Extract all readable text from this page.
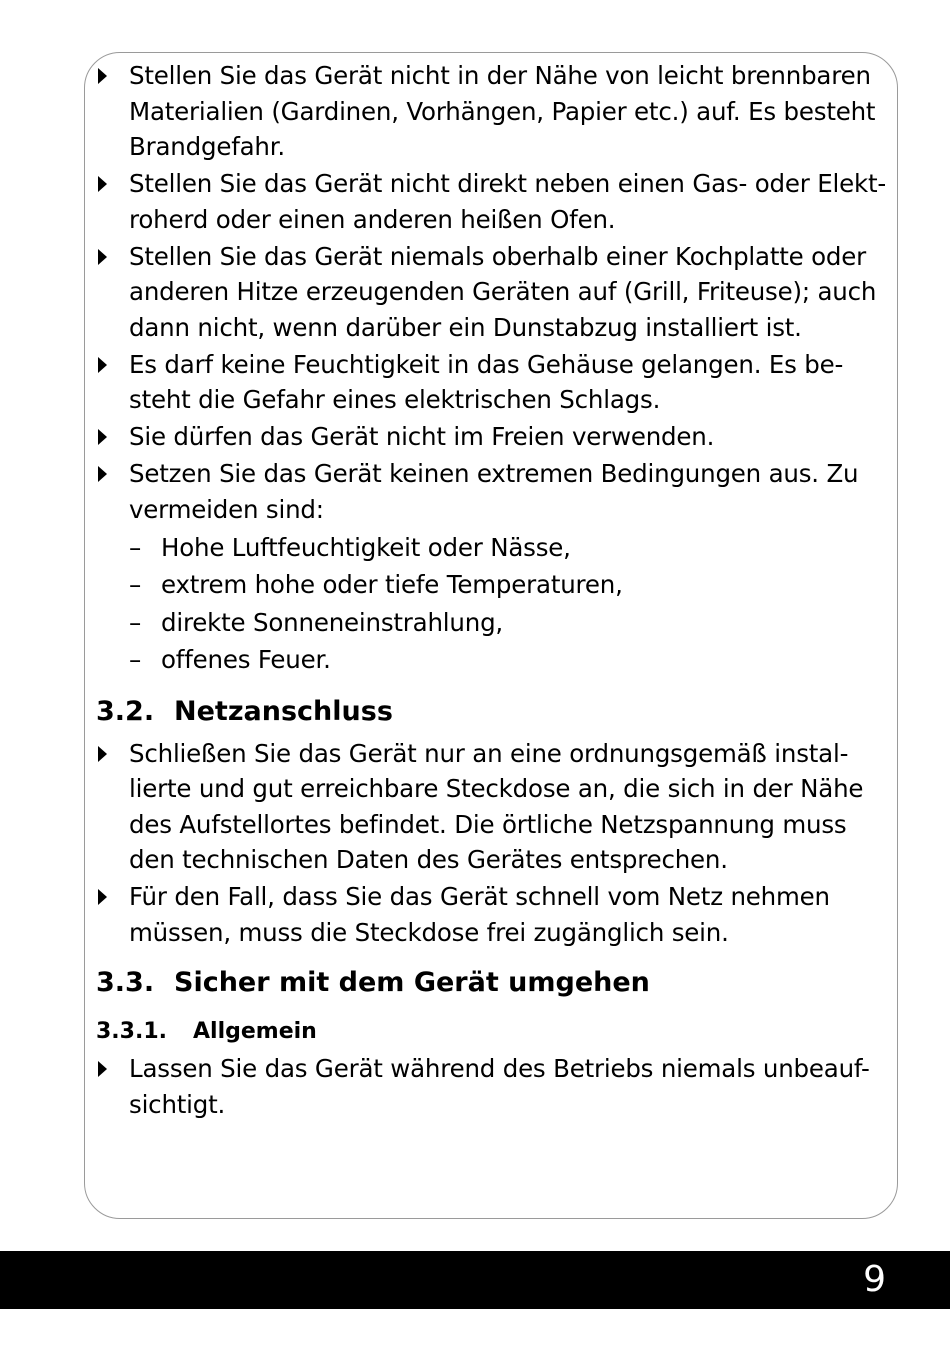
Stellen Sie das Gerät nicht in der Nähe von leicht brennbaren
Materialien (Gardinen, Vorhängen, Papier etc.) auf. Es besteht
Brandgefahr.
Stellen Sie das Gerät nicht direkt neben einen Gas- oder Elekt-
roherd oder einen anderen heißen Ofen.
Stellen Sie das Gerät niemals oberhalb einer Kochplatte oder
anderen Hitze erzeugenden Geräten auf (Grill, Friteuse); auch
dann nicht, wenn darüber ein Dunstabzug installiert ist.
Es darf keine Feuchtigkeit in das Gehäuse gelangen. Es be-
steht die Gefahr eines elektrischen Schlags.
Sie dürfen das Gerät nicht im Freien verwenden.
Setzen Sie das Gerät keinen extremen Bedingungen aus. Zu
vermeiden sind:
– Hohe Luftfeuchtigkeit oder Nässe,
– extrem hohe oder tiefe Temperaturen,
– direkte Sonneneinstrahlung,
– offenes Feuer.
3.2. Netzanschluss
Schließen Sie das Gerät nur an eine ordnungsgemäß instal-
lierte und gut erreichbare Steckdose an, die sich in der Nähe
des Aufstellortes befindet. Die örtliche Netzspannung muss
den technischen Daten des Gerätes entsprechen.
Für den Fall, dass Sie das Gerät schnell vom Netz nehmen
müssen, muss die Steckdose frei zugänglich sein.
3.3. Sicher mit dem Gerät umgehen
3.3.1. Allgemein
Lassen Sie das Gerät während des Betriebs niemals unbeauf-
sichtigt.
9
